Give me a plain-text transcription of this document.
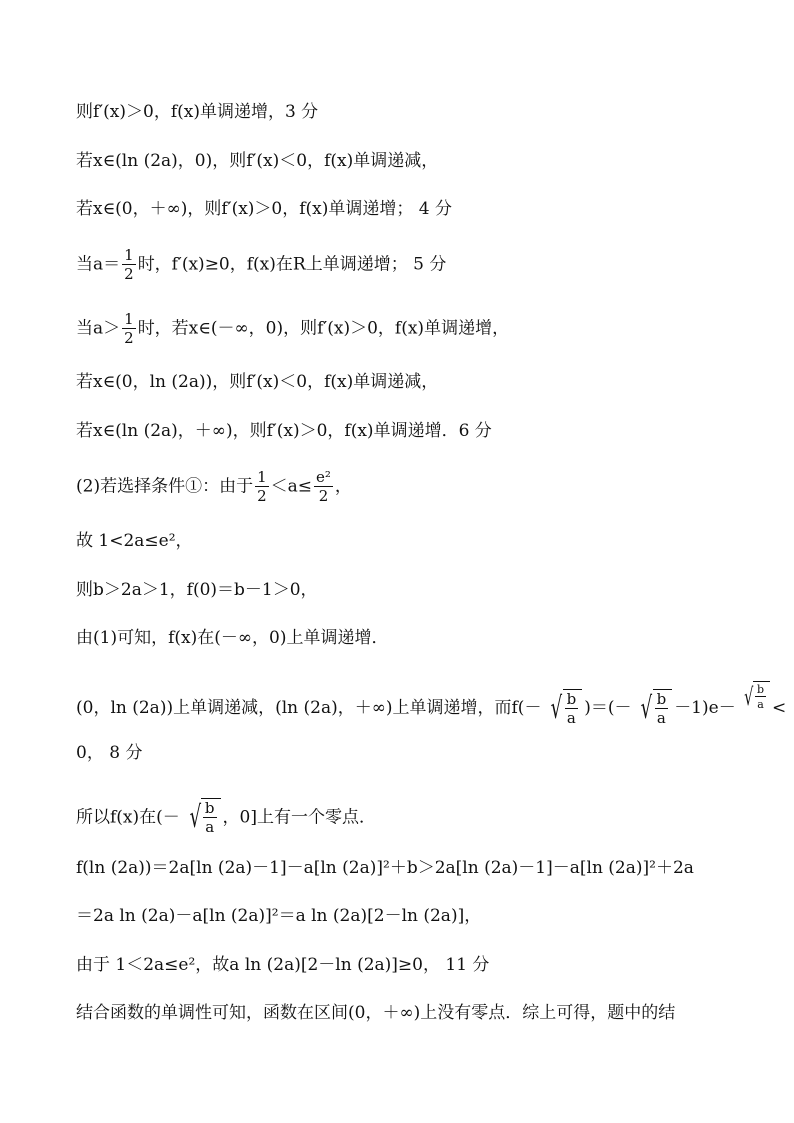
则f′(x)＞0，f(x)单调递增，3 分
若x∈(ln (2a)，0)，则f′(x)＜0，f(x)单调递减，
若x∈(0，＋∞)，则f′(x)＞0，f(x)单调递增； 4 分
当$a= \frac{1}{2}$ 时，f′(x)≥0，f(x)在R上单调递增； 5 分
当$a> \frac{1}{2}$ 时，若x∈(－∞，0)，则f′(x)＞0，f(x)单调递增，
若x∈(0，ln (2a))，则f′(x)＜0，f(x)单调递减，
若x∈(ln (2a)，＋∞)，则f′(x)＞0，f(x)单调递增．6 分
(2)若选择条件①：由于 $\frac{1}{2} <a\le \frac{\text{e²}}{2}$ ，
故 1<2a≤e²，
则b＞2a＞1，f(0)＝b－1＞0，
由(1)可知，f(x)在(－∞，0)上单调递增．
(0，ln (2a))上单调递减，(ln (2a)，＋∞)上单调递增，而f(－ √ $\frac{b}{a}$ )＝(－ √ $\frac{b}{a} -1)e-$ √ $\frac{b}{a}$ <
0， 8 分
所以f(x)在(－ √ $\frac{b}{a}$ ，0]上有一个零点．
f(ln (2a))＝2a[ln (2a)－1]－a[ln (2a)]²＋b＞2a[ln (2a)－1]－a[ln (2a)]²＋2a
＝2a ln (2a)－a[ln (2a)]²＝a ln (2a)[2－ln (2a)]，
由于 1＜2a≤e²，故a ln (2a)[2－ln (2a)]≥0， 11 分
结合函数的单调性可知，函数在区间(0，＋∞)上没有零点．综上可得，题中的结
